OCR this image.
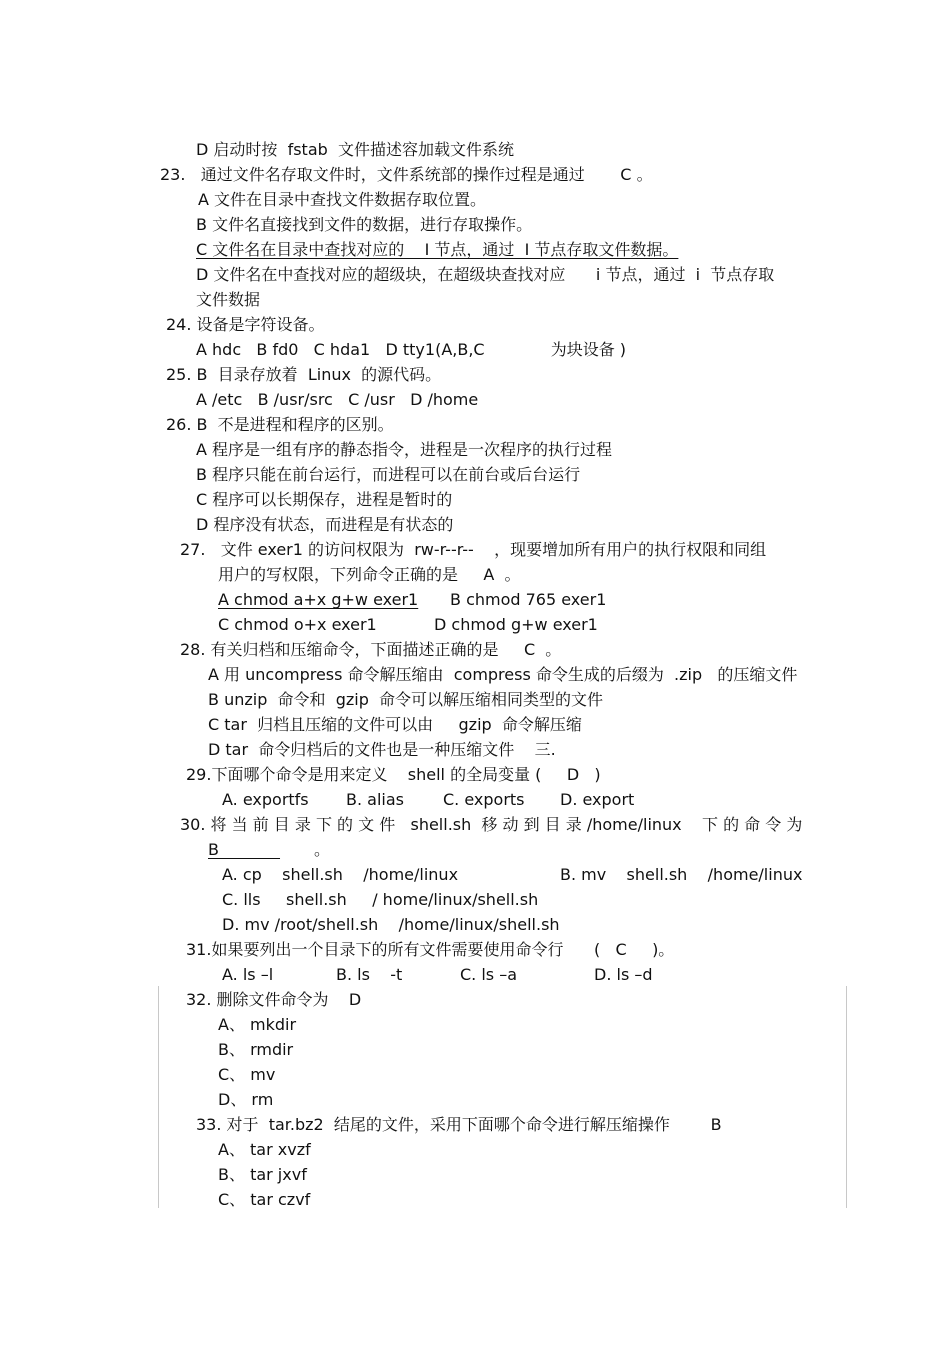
D 启动时按  fstab  文件描述容加载文件系统
23.   通过文件名存取文件时，文件系统部的操作过程是通过       C 。
A 文件在目录中查找文件数据存取位置。
B 文件名直接找到文件的数据，进行存取操作。
C 文件名在目录中查找对应的    I 节点，通过  I 节点存取文件数据。
D 文件名在中查找对应的超级块，在超级块查找对应      i 节点，通过  i  节点存取
文件数据
24. 设备是字符设备。
A hdc   B fd0   C hda1   D tty1(A,B,C             为块设备 )
25. B  目录存放着  Linux  的源代码。
A /etc   B /usr/src   C /usr   D /home
26. B  不是进程和程序的区别。
A 程序是一组有序的静态指令，进程是一次程序的执行过程
B 程序只能在前台运行，而进程可以在前台或后台运行
C 程序可以长期保存，进程是暂时的
D 程序没有状态，而进程是有状态的
27.   文件 exer1 的访问权限为  rw-r--r--    ，现要增加所有用户的执行权限和同组
用户的写权限，下列命令正确的是     A  。
A chmod a+x g+w exer1 B chmod 765 exer1
C chmod o+x exer1	D chmod g+w exer1
28. 有关归档和压缩命令，下面描述正确的是     C  。
A 用 uncompress 命令解压缩由  compress 命令生成的后缀为  .zip   的压缩文件
B unzip  命令和  gzip  命令可以解压缩相同类型的文件
C tar  归档且压缩的文件可以由     gzip  命令解压缩
D tar  命令归档后的文件也是一种压缩文件    三.
29.下面哪个命令是用来定义    shell 的全局变量 (     D   )
A. exportfs B. alias C. exports D. export
30. 将 当 前 目 录 下 的 文 件   shell.sh  移 动 到 目 录 /home/linux    下 的 命 令 为
B 。
A. cp    shell.sh    /home/linux	B. mv    shell.sh    /home/linux
C. lls     shell.sh     / home/linux/shell.sh
D. mv /root/shell.sh    /home/linux/shell.sh
31.如果要列出一个目录下的所有文件需要使用命令行      (   C     )。
A. ls –l	B. ls    -t	C. ls –a	D. ls –d
32. 删除文件命令为    D
A、 mkdir
B、 rmdir
C、 mv
D、 rm
33. 对于  tar.bz2  结尾的文件，采用下面哪个命令进行解压缩操作        B
A、 tar xvzf
B、 tar jxvf
C、 tar czvf
